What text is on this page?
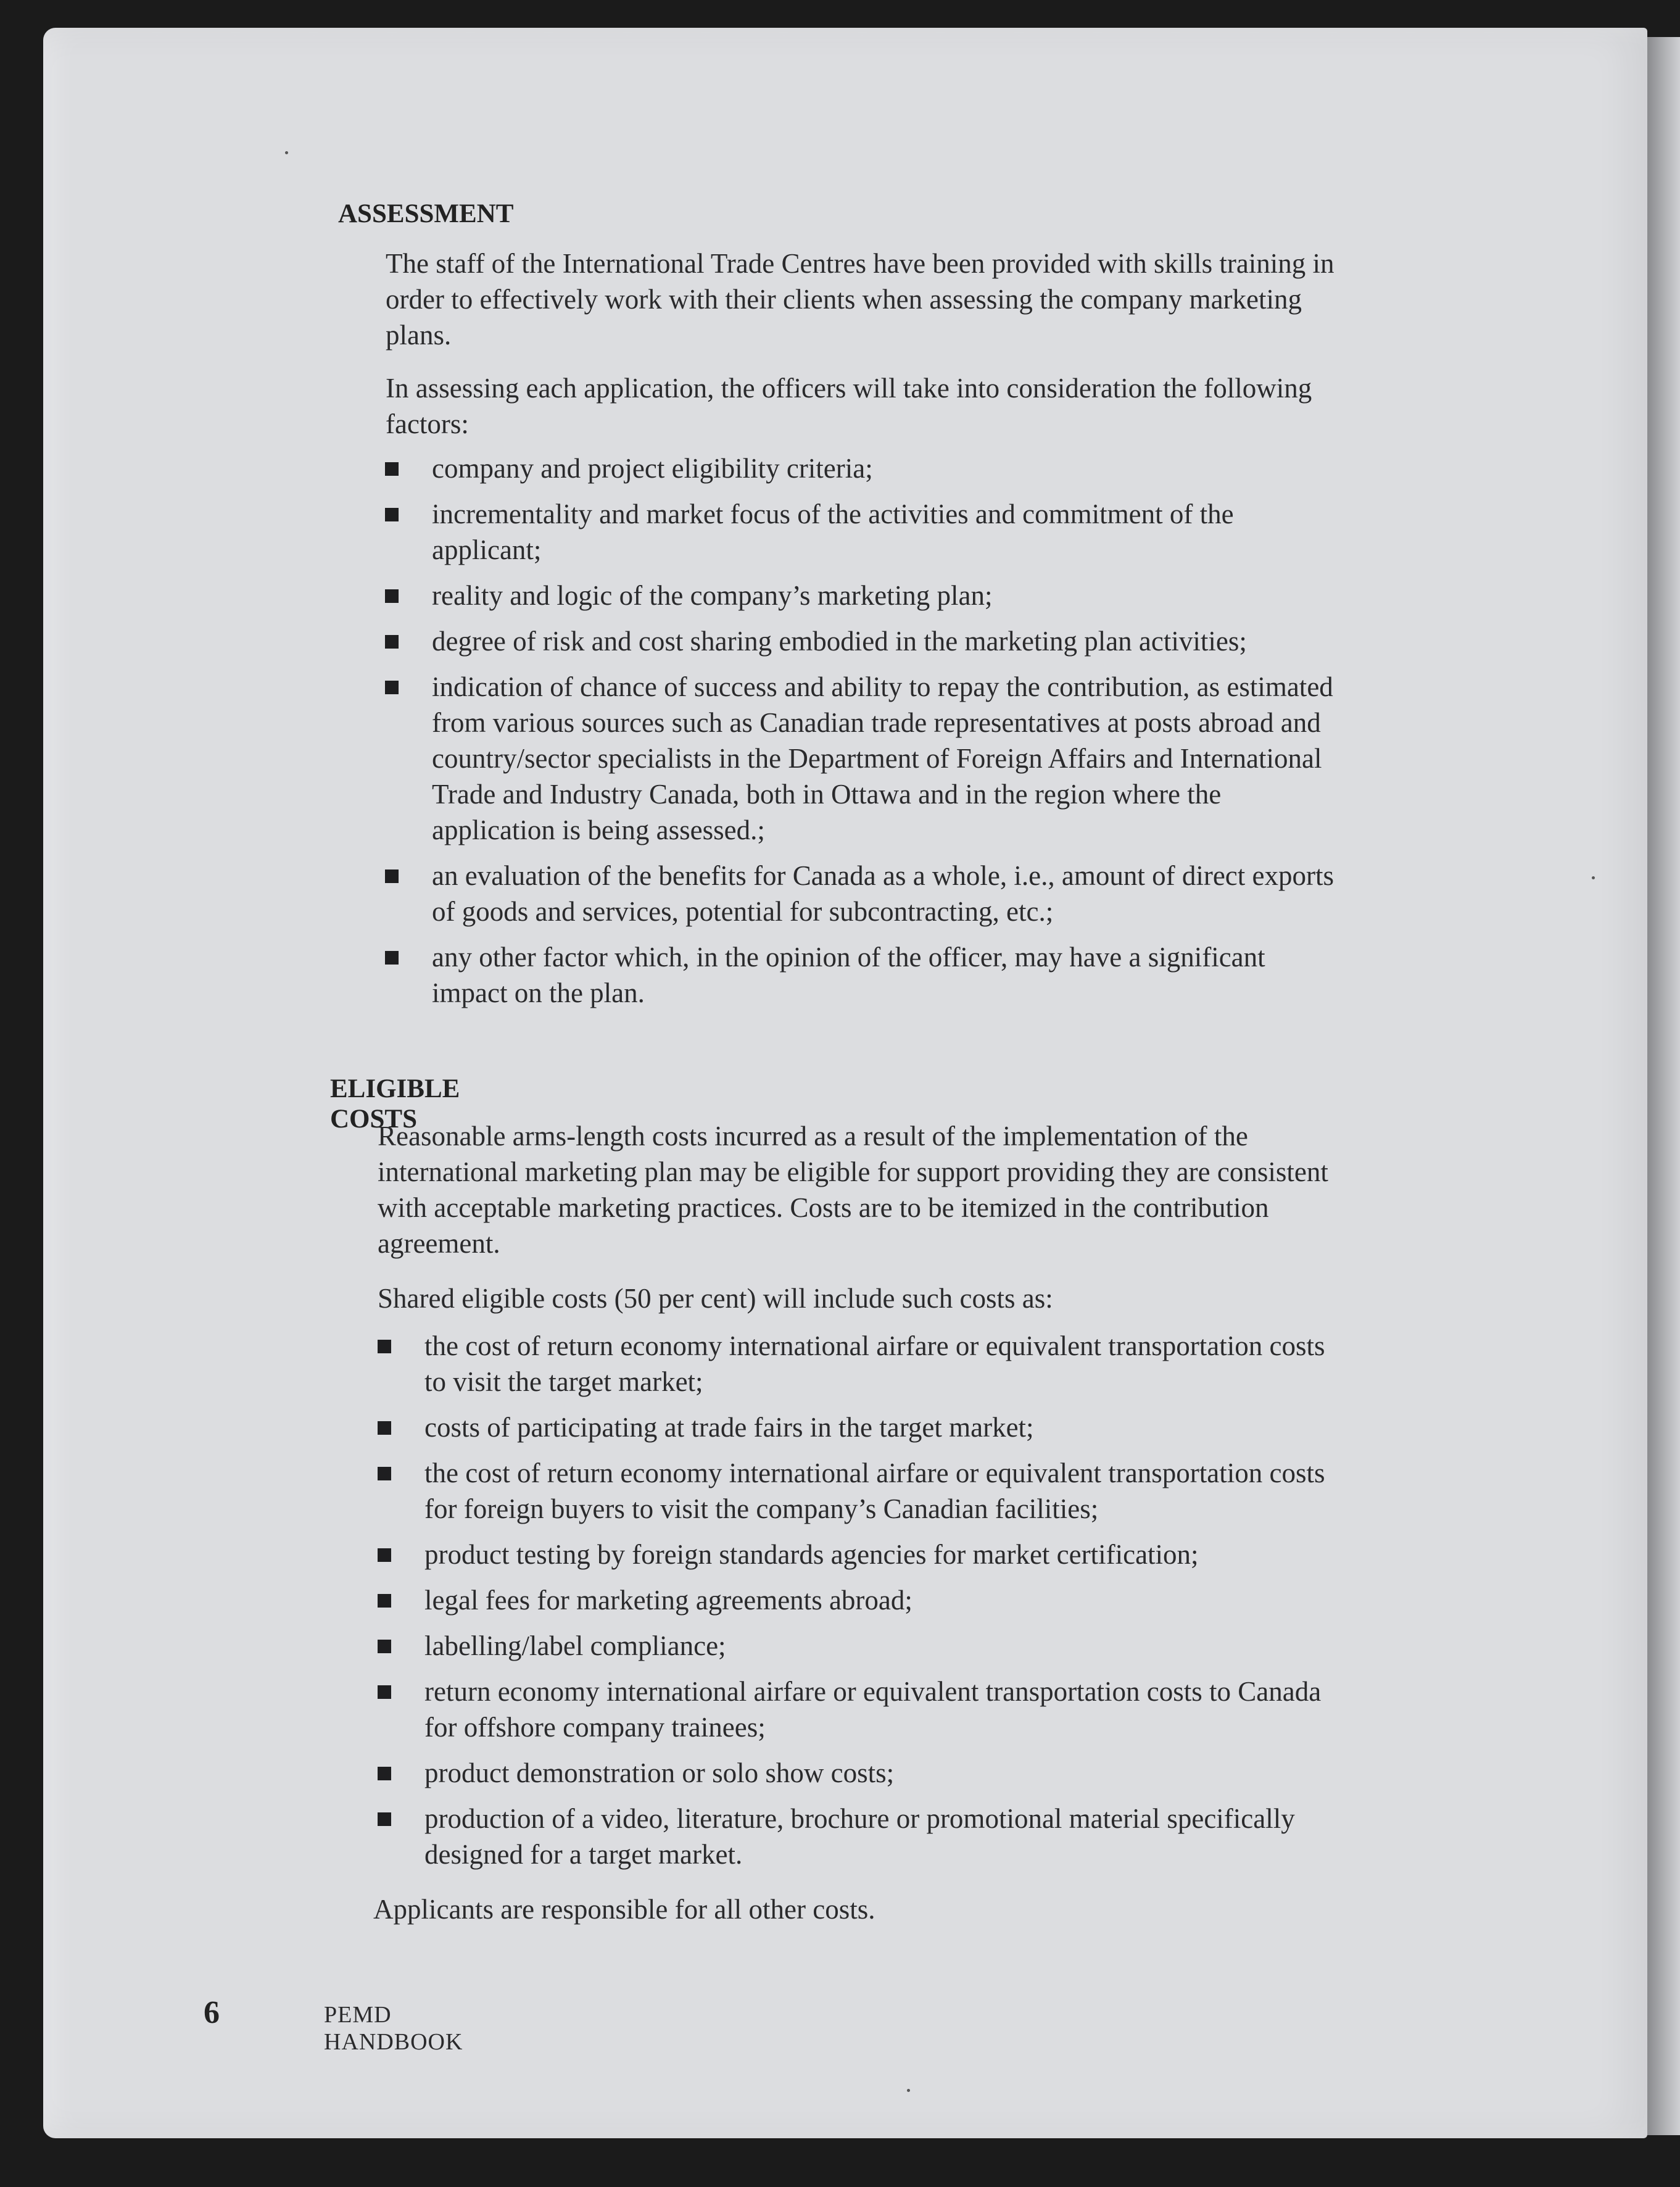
ASSESSMENT

The staff of the International Trade Centres have been provided with skills training in order to effectively work with their clients when assessing the company marketing plans.

In assessing each application, the officers will take into consideration the following factors:

company and project eligibility criteria;
incrementality and market focus of the activities and commitment of the applicant;
reality and logic of the company’s marketing plan;
degree of risk and cost sharing embodied in the marketing plan activities;
indication of chance of success and ability to repay the contribution, as estimated from various sources such as Canadian trade representatives at posts abroad and country/sector specialists in the Department of Foreign Affairs and International Trade and Industry Canada, both in Ottawa and in the region where the application is being assessed.;
an evaluation of the benefits for Canada as a whole, i.e., amount of direct exports of goods and services, potential for subcontracting, etc.;
any other factor which, in the opinion of the officer, may have a significant impact on the plan.
ELIGIBLE COSTS

Reasonable arms-length costs incurred as a result of the implementation of the international marketing plan may be eligible for support providing they are consistent with acceptable marketing practices. Costs are to be itemized in the contribution agreement.

Shared eligible costs (50 per cent) will include such costs as:

the cost of return economy international airfare or equivalent transportation costs to visit the target market;
costs of participating at trade fairs in the target market;
the cost of return economy international airfare or equivalent transportation costs for foreign buyers to visit the company’s Canadian facilities;
product testing by foreign standards agencies for market certification;
legal fees for marketing agreements abroad;
labelling/label compliance;
return economy international airfare or equivalent transportation costs to Canada for offshore company trainees;
product demonstration or solo show costs;
production of a video, literature, brochure or promotional material specifically designed for a target market.

Applicants are responsible for all other costs.

6	PEMD HANDBOOK
